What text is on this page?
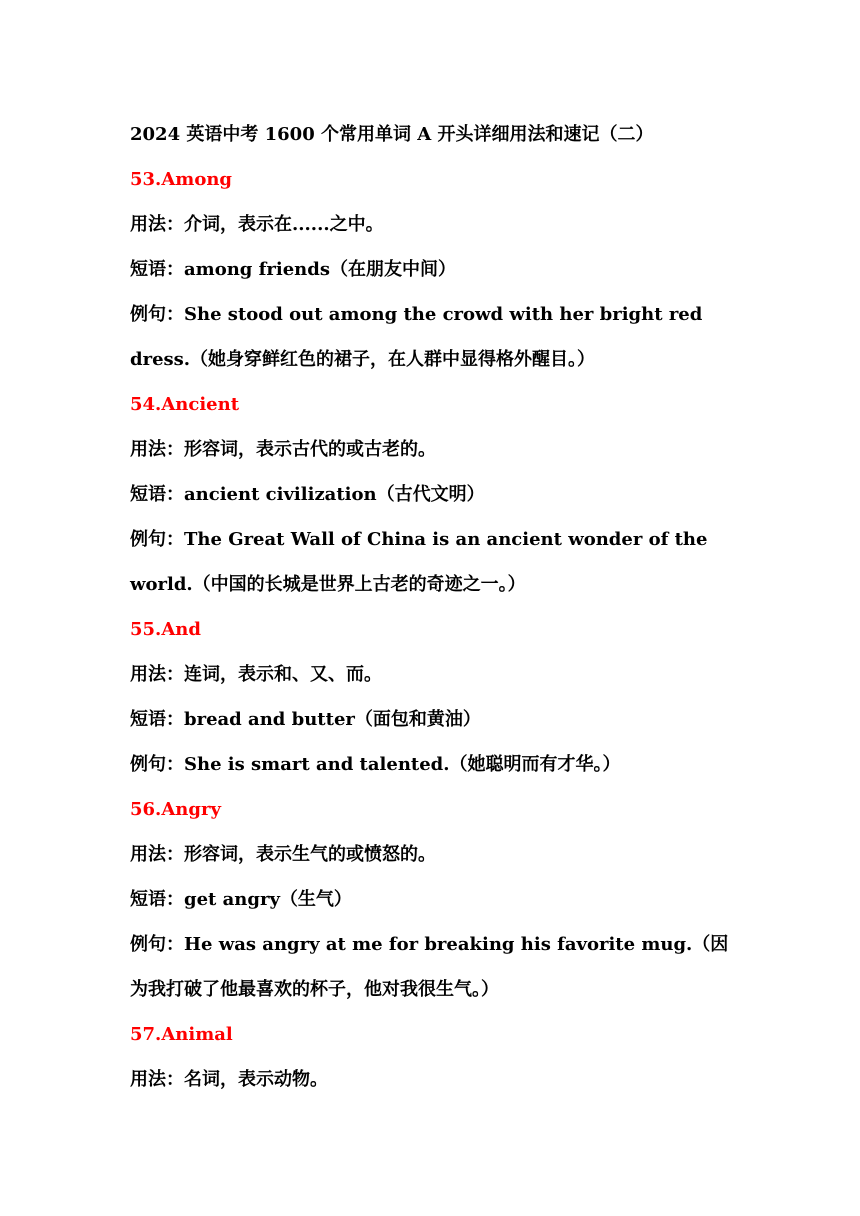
2024 英语中考 1600 个常用单词 A 开头详细用法和速记（二）
53.Among
用法：介词，表示在......之中。
短语：among friends（在朋友中间）
例句：She stood out among the crowd with her bright red dress.（她身穿鲜红色的裙子，在人群中显得格外醒目。）
54.Ancient
用法：形容词，表示古代的或古老的。
短语：ancient civilization（古代文明）
例句：The Great Wall of China is an ancient wonder of the world.（中国的长城是世界上古老的奇迹之一。）
55.And
用法：连词，表示和、又、而。
短语：bread and butter（面包和黄油）
例句：She is smart and talented.（她聪明而有才华。）
56.Angry
用法：形容词，表示生气的或愤怒的。
短语：get angry（生气）
例句：He was angry at me for breaking his favorite mug.（因为我打破了他最喜欢的杯子，他对我很生气。）
57.Animal
用法：名词，表示动物。
